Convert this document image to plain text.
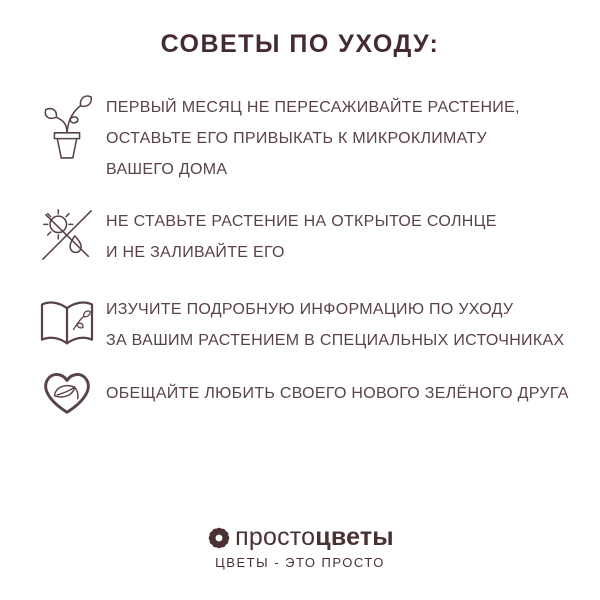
СОВЕТЫ ПО УХОДУ:
ПЕРВЫЙ МЕСЯЦ НЕ ПЕРЕСАЖИВАЙТЕ РАСТЕНИЕ,
ОСТАВЬТЕ ЕГО ПРИВЫКАТЬ К МИКРОКЛИМАТУ
ВАШЕГО ДОМА
НЕ СТАВЬТЕ РАСТЕНИЕ НА ОТКРЫТОЕ СОЛНЦЕ
И НЕ ЗАЛИВАЙТЕ ЕГО
ИЗУЧИТЕ ПОДРОБНУЮ ИНФОРМАЦИЮ ПО УХОДУ
ЗА ВАШИМ РАСТЕНИЕМ В СПЕЦИАЛЬНЫХ ИСТОЧНИКАХ
ОБЕЩАЙТЕ ЛЮБИТЬ СВОЕГО НОВОГО ЗЕЛЁНОГО ДРУГА
простоцветы
ЦВЕТЫ - ЭТО ПРОСТО
